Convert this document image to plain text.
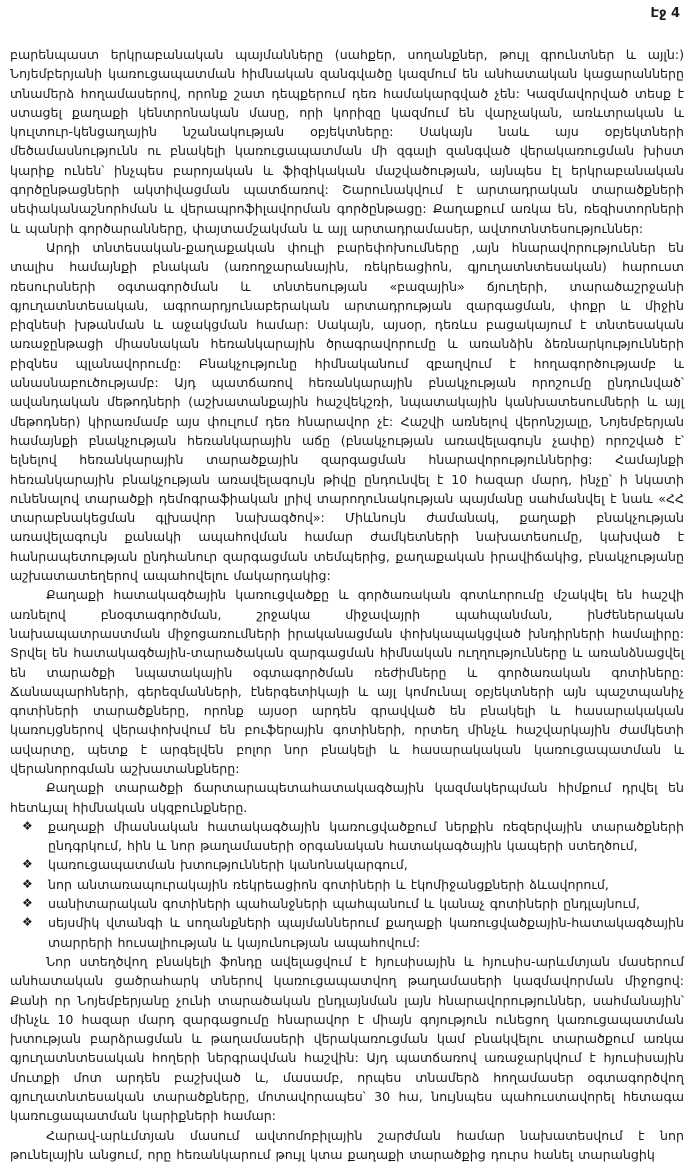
Էջ 4

բարենպաստ երկրաբանական պայմանները (սահքեր, սողանքներ, թույլ գրունտներ և այլն:) Նոյեմբերյանի կառուցապատման հիմնական զանգվածը կազմում են անհատական կացարանները տնամերձ հողամասերով, որոնք շատ դեպքերում դեռ համակարգված չեն: Կազմավորված տեսք է ստացել քաղաքի կենտրոնական մասը, որի կորիզը կազմում են վարչական, առևտրական և կուլտուր-կենցաղային նշանակության օբյեկտները: Սակայն նաև այս օբյեկտների մեծամասնությունն ու բնակելի կառուցապատման մի զգալի զանգված վերակառուցման խիստ կարիք ունեն՝ ինչպես բարոյական և ֆիզիկական մաշվածության, այնպես էլ երկրաբանական գործընթացների ակտիվացման պատճառով: Շարունակվում է արտադրական տարածքների սեփականաշնորհման և վերապրոֆիլավորման գործընթացը: Քաղաքում առկա են, ռեզիստորների և պանրի գործարանները, փայտամշակման և այլ արտադրամասեր, ավտոտնտեսություններ:

Արդի տնտեսական-քաղաքական փուլի բարեփոխումները ,այն հնարավորություններ են տալիս համայնքի բնական (առողջարանային, ռեկրեացիոն, գյուղատնտեսական) հարուստ ռեսուրսների օգտագործման և տնտեսության «բազային» ճյուղերի, տարածաշրջանի գյուղատնտեսական, ագրոարդյունաբերական արտադրության զարգացման, փոքր և միջին բիզնեսի խթանման և աջակցման համար: Սակայն, այսօր, դեռևս բացակայում է տնտեսական առաջընթացի միասնական հեռանկարային ծրագրավորումը և առանձին ձեռնարկությունների բիզնես պլանավորումը: Բնակչությունը հիմնականում զբաղվում է հողագործությամբ և անասնաբուծությամբ: Այդ պատճառով հեռանկարային բնակչության որոշումը ընդունված՝ ավանդական մեթոդների (աշխատանքային հաշվեկշռի, նպատակային կանխատեսումների և այլ մեթոդներ) կիրառմամբ այս փուլում դեռ հնարավոր չէ: Հաշվի առնելով վերոնշյալը, Նոյեմբերյան համայնքի բնակչության հեռանկարային աճը (բնակչության առավելագույն չափը) որոշված է՝ ելնելով հեռանկարային տարածքային զարգացման հնարավորություններից: Համայնքի հեռանկարային բնակչության առավելագույն թիվը ընդունվել է 10 հազար մարդ, ինչը՝ ի նկատի ունենալով տարածքի դեմոգրաֆիական լրիվ տարողունակության պայմանը սահմանվել է նաև «ՀՀ տարաբնակեցման գլխավոր նախագծով»: Միևնույն ժամանակ, քաղաքի բնակչության առավելագույն քանակի ապահովման համար ժամկետների նախատեսումը, կախված է հանրապետության ընդհանուր զարգացման տեմպերից, քաղաքական իրավիճակից, բնակչությանը աշխատատեղերով ապահովելու մակարդակից:

Քաղաքի հատակագծային կառուցվածքը և գործառական գոտևորումը մշակվել են հաշվի առնելով բնօգտագործման, շրջակա միջավայրի պահպանման, ինժեներական նախապատրաստման միջոցառումների իրականացման փոխկապակցված խնդիրների համալիրը: Տրվել են հատակագծային-տարածական զարգացման հիմնական ուղղությունները և առանձնացվել են տարածքի նպատակային օգտագործման ռեժիմները և գործառական գոտիները: Ճանապարհների, գերեզմանների, էներգետիկայի և այլ կոմունալ օբյեկտների այն պաշտպանիչ գոտիների տարածքները, որոնք այսօր արդեն գրավված են բնակելի և հասարակական կառույցներով վերափոխվում են բուֆերային գոտիների, որտեղ մինչև հաշվարկային ժամկետի ավարտը, պետք է արգելվեն բոլոր նոր բնակելի և հասարակական կառուցապատման և վերանորոգման աշխատանքները:

Քաղաքի տարածքի ճարտարապետահատակագծային կազմակերպման հիմքում դրվել են հետևյալ հիմնական սկզբունքները.

❖ քաղաքի միասնական հատակագծային կառուցվածքում ներքին ռեզերվային տարածքների ընդգրկում, հին և նոր թաղամասերի օրգանական հատակագծային կապերի ստեղծում,
❖ կառուցապատման խտությունների կանոնակարգում,
❖ նոր անտառապուրակային ռեկրեացիոն գոտիների և էկոմիջանցքների ձևավորում,
❖ սանիտարական գոտիների պահանջների պահպանում և կանաչ գոտիների ընդլայնում,
❖ սեյսմիկ վտանգի և սողանքների պայմաններում քաղաքի կառուցվածքային-հատակագծային տարրերի հուսալիության և կայունության ապահովում:

Նոր ստեղծվող բնակելի ֆոնդը ավելացվում է հյուսիսային և հյուսիս-արևմտյան մասերում անհատական ցածրահարկ տներով կառուցապատվող թաղամասերի կազմավորման միջոցով: Քանի որ Նոյեմբերյանը չունի տարածական ընդլայնման լայն հնարավորություններ, սահմանային՝ մինչև 10 հազար մարդ զարգացումը հնարավոր է միայն գոյություն ունեցող կառուցապատման խտության բարձրացման և թաղամասերի վերակառուցման կամ բնակվելու տարածքում առկա գյուղատնտեսական հողերի ներգրավման հաշվին: Այդ պատճառով առաջարկվում է հյուսիսային մուտքի մոտ արդեն բաշխված և, մասամբ, որպես տնամերձ հողամասեր օգտագործվող գյուղատնտեսական տարածքները, մոտավորապես՝ 30 հա, նույնպես պահուստավորել հետագա կառուցապատման կարիքների համար:

Հարավ-արևմտյան մասում ավտոմոբիլային շարժման համար նախատեսվում է նոր թունելային անցում, որը հեռանկարում թույլ կտա քաղաքի տարածքից դուրս հանել տարանցիկ
